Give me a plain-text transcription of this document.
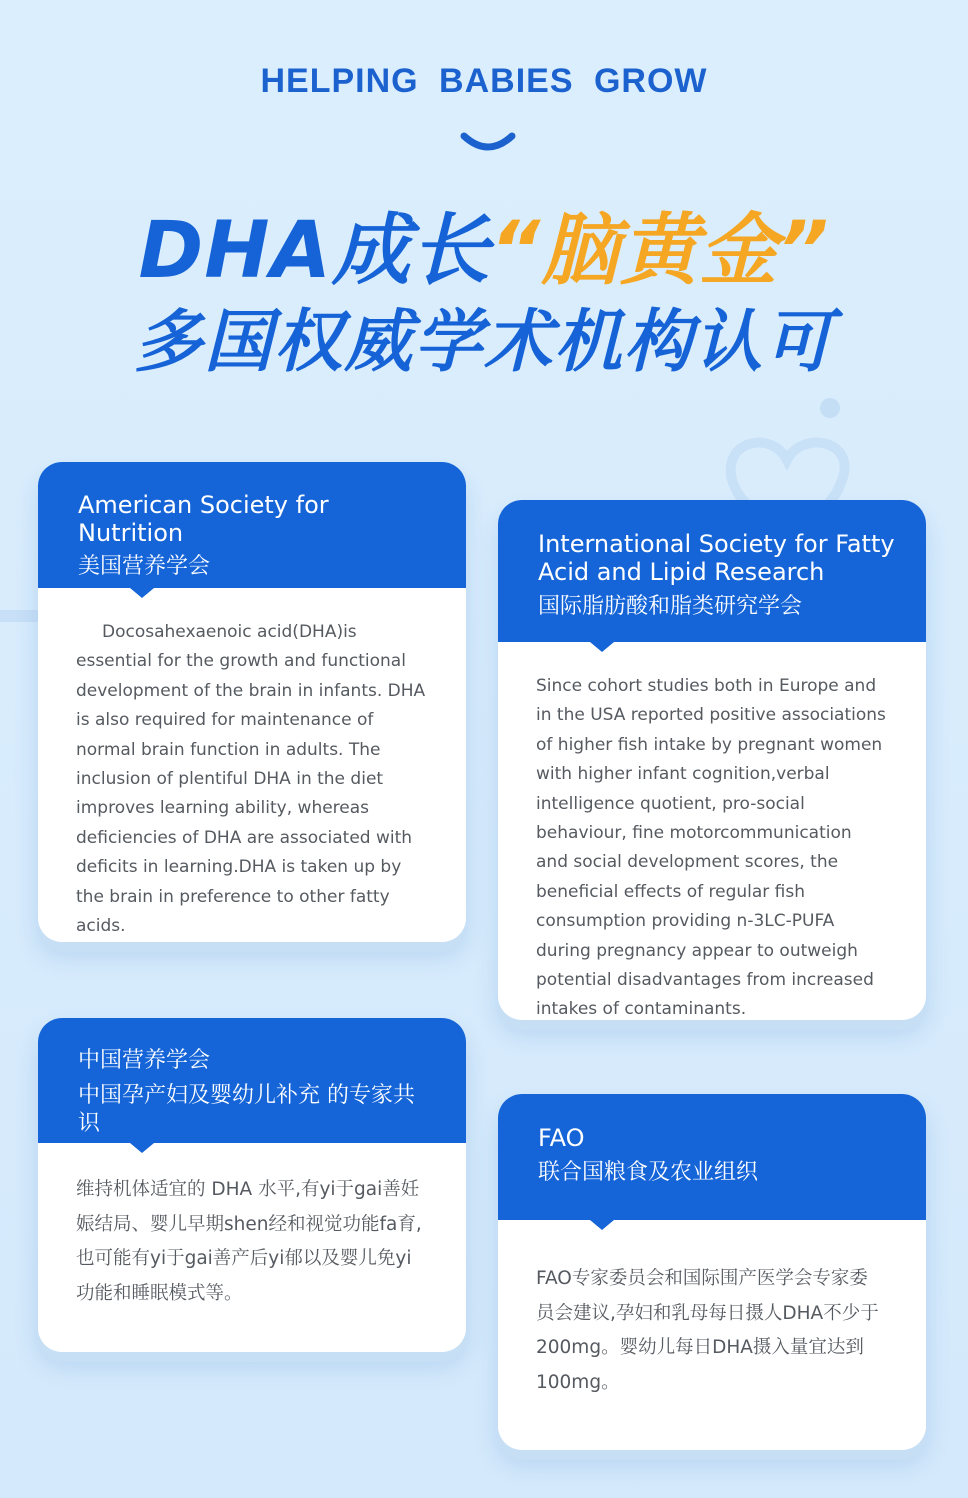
HELPING BABIES GROW
DHA成长“脑黄金”
多国权威学术机构认可
American Society for Nutrition
美国营养学会
Docosahexaenoic acid(DHA)is essential for the growth and functional development of the brain in infants. DHA is also required for maintenance of normal brain function in adults. The inclusion of plentiful DHA in the diet improves learning ability, whereas deficiencies of DHA are associated with deficits in learning.DHA is taken up by the brain in preference to other fatty acids.
International Society for Fatty Acid and Lipid Research
国际脂肪酸和脂类研究学会
Since cohort studies both in Europe and in the USA reported positive associations of higher fish intake by pregnant women with higher infant cognition,verbal intelligence quotient, pro-social behaviour, fine motorcommunication and social development scores, the beneficial effects of regular fish consumption providing n-3LC-PUFA during pregnancy appear to outweigh potential disadvantages from increased intakes of contaminants.
中国营养学会
中国孕产妇及婴幼儿补充 的专家共识
维持机体适宜的 DHA 水平,有yi于gai善妊娠结局、婴儿早期shen经和视觉功能fa育,也可能有yi于gai善产后yi郁以及婴儿免yi功能和睡眠模式等。
FAO
联合国粮食及农业组织
FAO专家委员会和国际围产医学会专家委员会建议,孕妇和乳母每日摄人DHA不少于200mg。婴幼儿每日DHA摄入量宜达到100mg。
